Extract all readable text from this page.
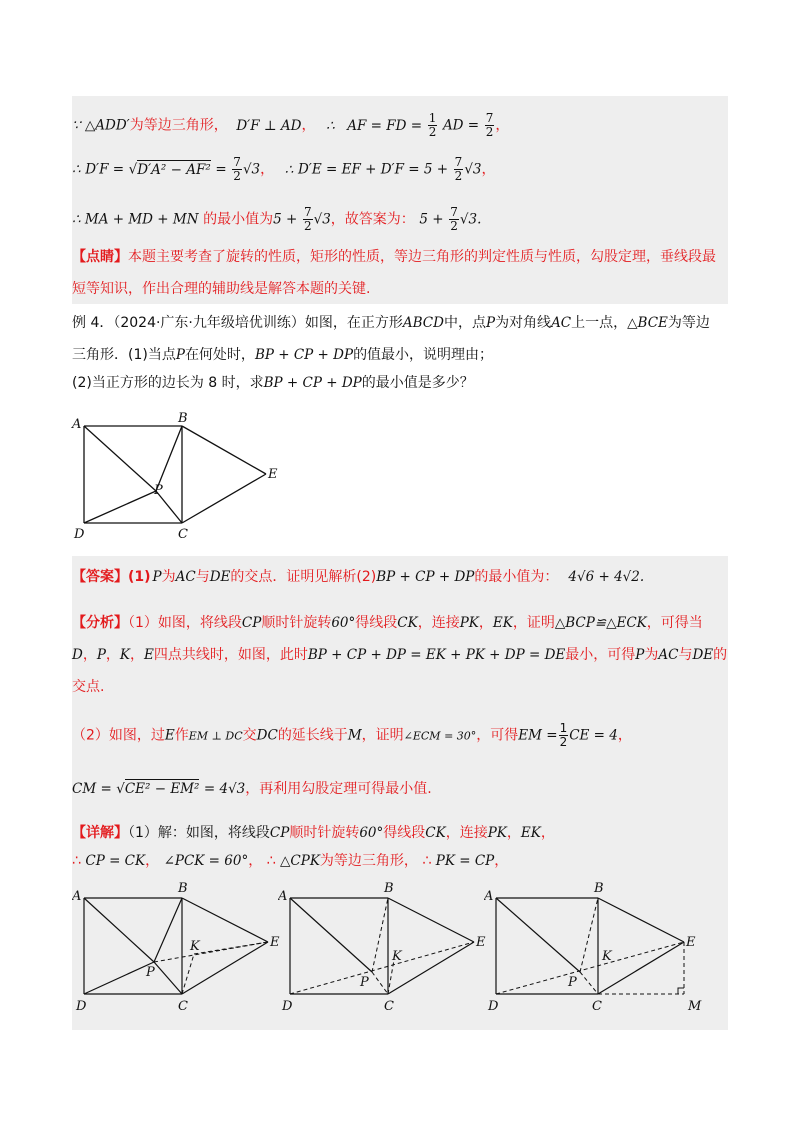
∵ △ADD′为等边三角形， D′F ⊥ AD， ∴ AF = FD = $\frac{1}{2}$ AD = $\frac{7}{2}$ ，
∴ $D'F = √D'A^2 - AF^2 = \frac{7}{2} √3$， ∴ D′E = EF + $D'F = 5 + \frac{7}{2} √3$，
∴ MA + MD + MN 的最小值为$5 + \frac{7}{2} √3$，故答案为： $5 + \frac{7}{2} √3$.
【点睛】本题主要考查了旋转的性质，矩形的性质，等边三角形的判定性质与性质，勾股定理，垂线段最
短等知识，作出合理的辅助线是解答本题的关键.
例 4．（2024·广东·九年级培优训练）如图，在正方形ABCD中，点P为对角线AC上一点，△BCE为等边
三角形．(1)当点P在何处时，BP + CP + DP的值最小，说明理由；
(2)当正方形的边长为 8 时，求BP + CP + DP的最小值是多少？
A	B
C
D
E
P
【答案】(1) P为AC与DE的交点．证明见解析(2)BP + CP + DP的最小值为： 4√6 + 4√2.
【分析】（1）如图，将线段CP顺时针旋转60°得线段CK，连接PK，EK，证明△BCP≌△ECK，可得当
D，P，K，E四点共线时，如图，此时BP + CP + DP = EK + PK + DP = DE最小，可得P为AC与DE的
交点.
（2）如图，过E作EM ⊥ DC交DC的延长线于M，证明∠ECM = 30°，可得EM = $\frac{1}{2}$ CE = 4，
CM = √CE² − EM² = 4√3，再利用勾股定理可得最小值.
【详解】（1）解：如图，将线段CP顺时针旋转60°得线段CK，连接PK，EK，
∴ CP = CK， ∠PCK = 60°， ∴ △CPK为等边三角形， ∴ PK = CP，
A
B
C
D
E
P
K
A
B
C
D
E
P
K
A
B
C
D
E
P
K
M
